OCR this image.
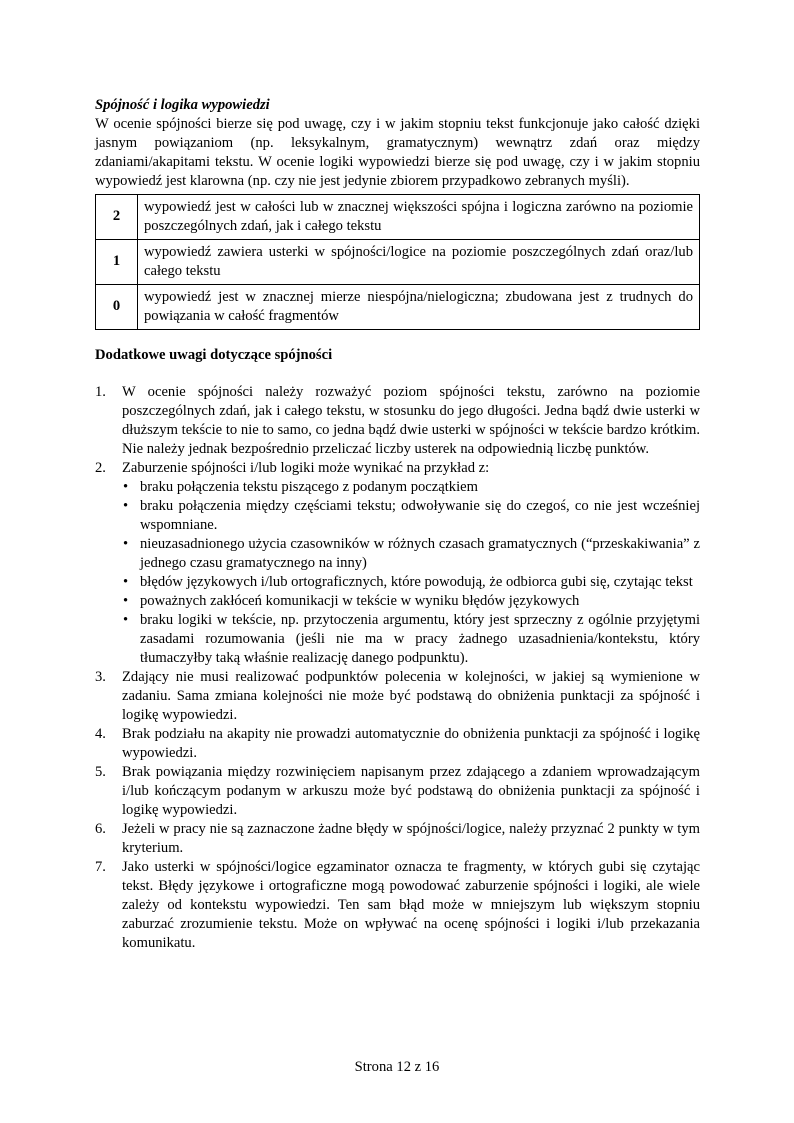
Spójność i logika wypowiedzi

W ocenie spójności bierze się pod uwagę, czy i w jakim stopniu tekst funkcjonuje jako całość dzięki jasnym powiązaniom (np. leksykalnym, gramatycznym) wewnątrz zdań oraz między zdaniami/akapitami tekstu. W ocenie logiki wypowiedzi bierze się pod uwagę, czy i w jakim stopniu wypowiedź jest klarowna (np. czy nie jest jedynie zbiorem przypadkowo zebranych myśli).

2	wypowiedź jest w całości lub w znacznej większości spójna i logiczna zarówno na poziomie poszczególnych zdań, jak i całego tekstu
1	wypowiedź zawiera usterki w spójności/logice na poziomie poszczególnych zdań oraz/lub całego tekstu
0	wypowiedź jest w znacznej mierze niespójna/nielogiczna; zbudowana jest z trudnych do powiązania w całość fragmentów

Dodatkowe uwagi dotyczące spójności

1. W ocenie spójności należy rozważyć poziom spójności tekstu, zarówno na poziomie poszczególnych zdań, jak i całego tekstu, w stosunku do jego długości. Jedna bądź dwie usterki w dłuższym tekście to nie to samo, co jedna bądź dwie usterki w spójności w tekście bardzo krótkim. Nie należy jednak bezpośrednio przeliczać liczby usterek na odpowiednią liczbę punktów.
2. Zaburzenie spójności i/lub logiki może wynikać na przykład z:
• braku połączenia tekstu piszącego z podanym początkiem
• braku połączenia między częściami tekstu; odwoływanie się do czegoś, co nie jest wcześniej wspomniane.
• nieuzasadnionego użycia czasowników w różnych czasach gramatycznych (“przeskakiwania” z jednego czasu gramatycznego na inny)
• błędów językowych i/lub ortograficznych, które powodują, że odbiorca gubi się, czytając tekst
• poważnych zakłóceń komunikacji w tekście w wyniku błędów językowych
• braku logiki w tekście, np. przytoczenia argumentu, który jest sprzeczny z ogólnie przyjętymi zasadami rozumowania (jeśli nie ma w pracy żadnego uzasadnienia/kontekstu, który tłumaczyłby taką właśnie realizację danego podpunktu).
3. Zdający nie musi realizować podpunktów polecenia w kolejności, w jakiej są wymienione w zadaniu. Sama zmiana kolejności nie może być podstawą do obniżenia punktacji za spójność i logikę wypowiedzi.
4. Brak podziału na akapity nie prowadzi automatycznie do obniżenia punktacji za spójność i logikę wypowiedzi.
5. Brak powiązania między rozwinięciem napisanym przez zdającego a zdaniem wprowadzającym i/lub kończącym podanym w arkuszu może być podstawą do obniżenia punktacji za spójność i logikę wypowiedzi.
6. Jeżeli w pracy nie są zaznaczone żadne błędy w spójności/logice, należy przyznać 2 punkty w tym kryterium.
7. Jako usterki w spójności/logice egzaminator oznacza te fragmenty, w których gubi się czytając tekst. Błędy językowe i ortograficzne mogą powodować zaburzenie spójności i logiki, ale wiele zależy od kontekstu wypowiedzi. Ten sam błąd może w mniejszym lub większym stopniu zaburzać zrozumienie tekstu. Może on wpływać na ocenę spójności i logiki i/lub przekazania komunikatu.
Strona 12 z 16
